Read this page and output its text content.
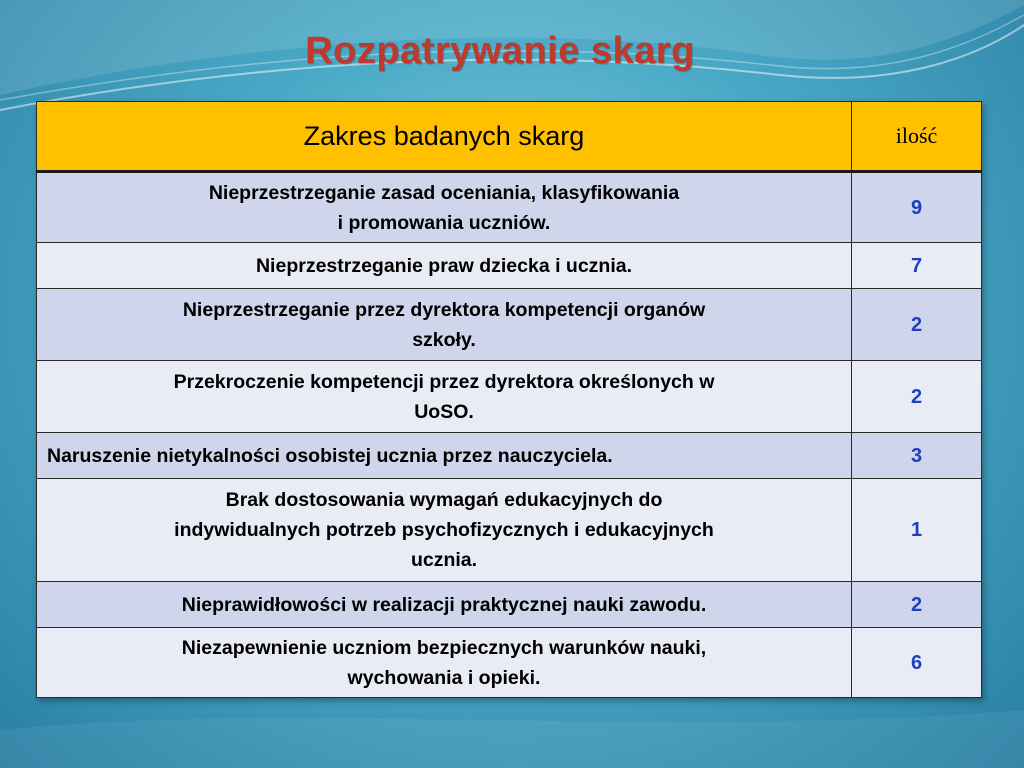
Rozpatrywanie skarg
Zakres badanych skarg	ilość

Nieprzestrzeganie zasad oceniania, klasyfikowania
i promowania uczniów.	9

Nieprzestrzeganie praw dziecka i ucznia.	7

Nieprzestrzeganie przez dyrektora kompetencji organów
szkoły.	2

Przekroczenie kompetencji przez dyrektora określonych w
UoSO.	2

Naruszenie nietykalności osobistej ucznia przez nauczyciela.	3

Brak dostosowania wymagań edukacyjnych do
indywidualnych potrzeb psychofizycznych i edukacyjnych
ucznia.	1

Nieprawidłowości w realizacji praktycznej nauki zawodu.	2

Niezapewnienie uczniom bezpiecznych warunków nauki,
wychowania i opieki.	6
